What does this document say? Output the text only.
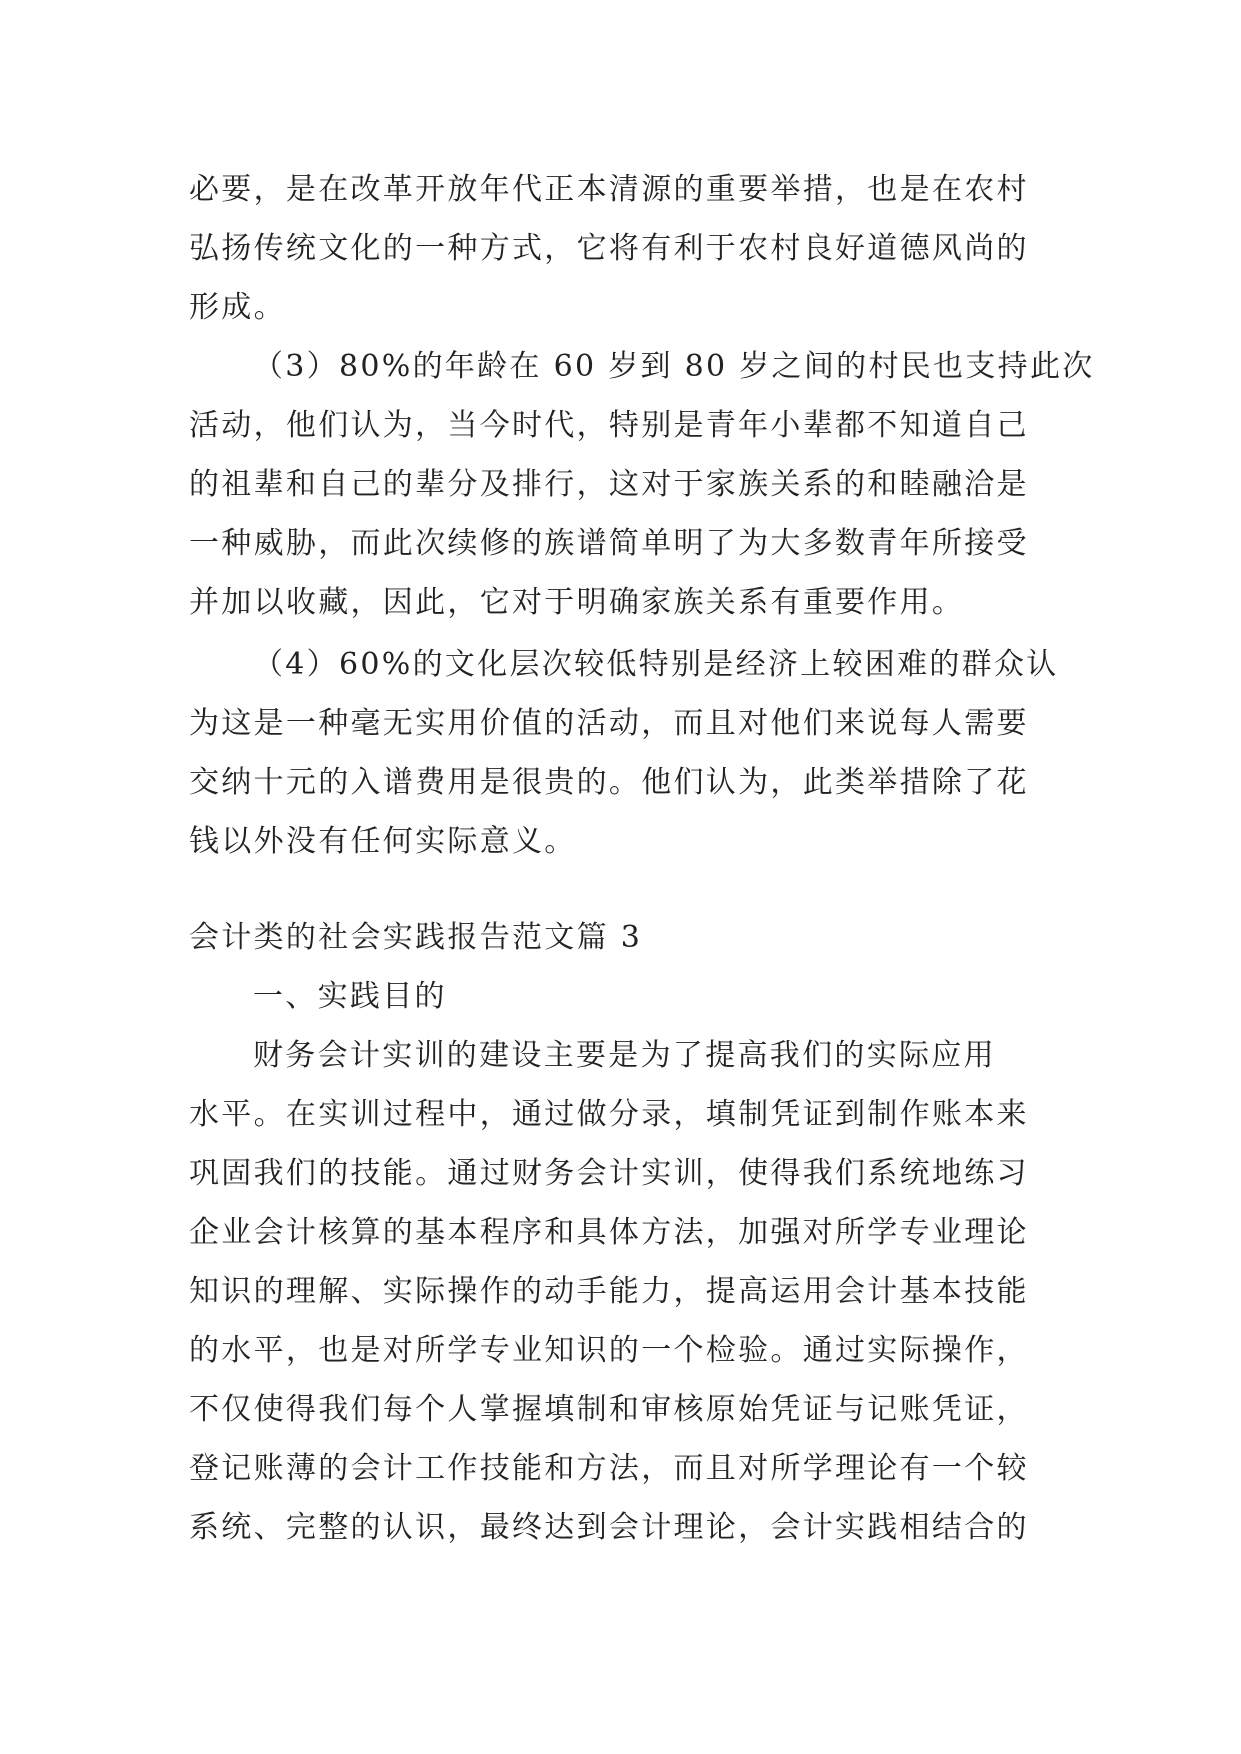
必要，是在改革开放年代正本清源的重要举措，也是在农村
弘扬传统文化的一种方式，它将有利于农村良好道德风尚的
形成。
（3）80%的年龄在 60 岁到 80 岁之间的村民也支持此次
活动，他们认为，当今时代，特别是青年小辈都不知道自己
的祖辈和自己的辈分及排行，这对于家族关系的和睦融洽是
一种威胁，而此次续修的族谱简单明了为大多数青年所接受
并加以收藏，因此，它对于明确家族关系有重要作用。
（4）60%的文化层次较低特别是经济上较困难的群众认
为这是一种毫无实用价值的活动，而且对他们来说每人需要
交纳十元的入谱费用是很贵的。他们认为，此类举措除了花
钱以外没有任何实际意义。
会计类的社会实践报告范文篇 3
一、实践目的
财务会计实训的建设主要是为了提高我们的实际应用
水平。在实训过程中，通过做分录，填制凭证到制作账本来
巩固我们的技能。通过财务会计实训，使得我们系统地练习
企业会计核算的基本程序和具体方法，加强对所学专业理论
知识的理解、实际操作的动手能力，提高运用会计基本技能
的水平，也是对所学专业知识的一个检验。通过实际操作，
不仅使得我们每个人掌握填制和审核原始凭证与记账凭证，
登记账薄的会计工作技能和方法，而且对所学理论有一个较
系统、完整的认识，最终达到会计理论，会计实践相结合的
